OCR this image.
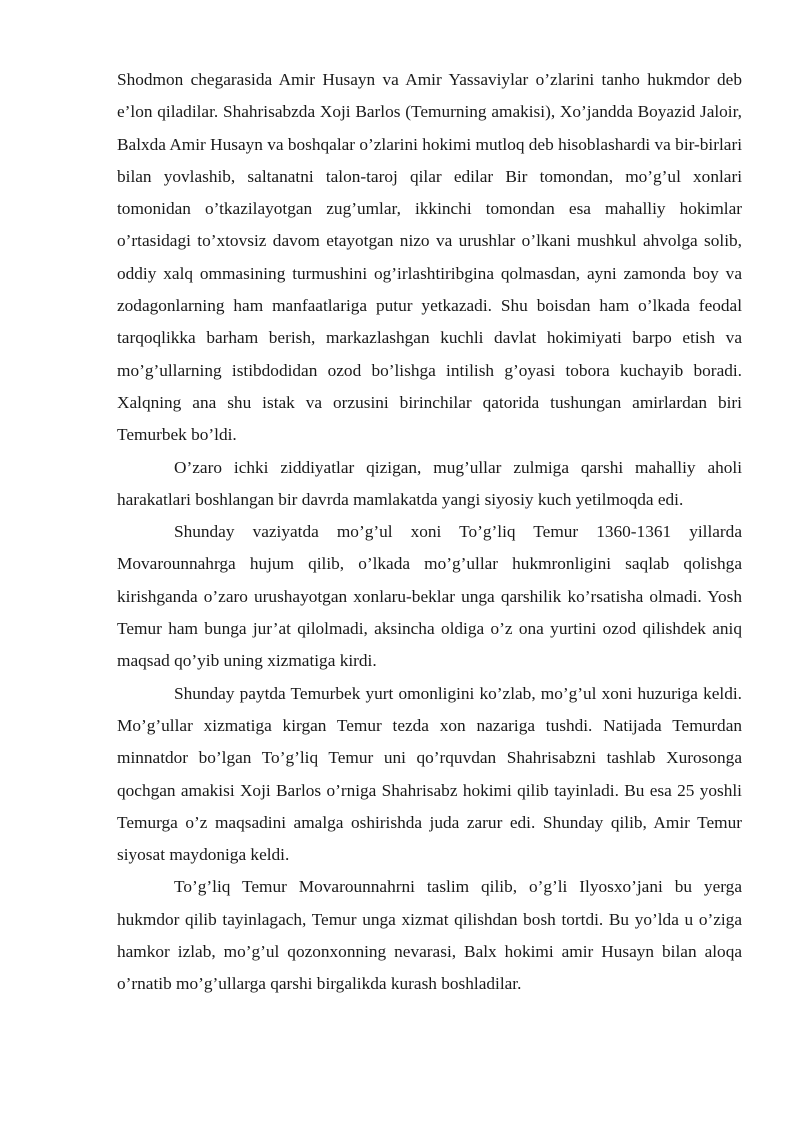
Shodmon chegarasida Amir Husayn va Amir Yassaviylar o’zlarini tanho hukmdor deb e’lon qiladilar. Shahrisabzda Xoji Barlos (Temurning amakisi), Xo’jandda Boyazid Jaloir, Balxda Amir Husayn va boshqalar o’zlarini hokimi mutloq deb hisoblashardi va bir-birlari bilan yovlashib, saltanatni talon-taroj qilar edilar Bir tomondan, mo’g’ul xonlari tomonidan o’tkazilayotgan zug’umlar, ikkinchi tomondan esa mahalliy hokimlar o’rtasidagi to’xtovsiz davom etayotgan nizo va urushlar o’lkani mushkul ahvolga solib, oddiy xalq ommasining turmushini og’irlashtiribgina qolmasdan, ayni zamonda boy va zodagonlarning ham manfaatlariga putur yetkazadi. Shu boisdan ham o’lkada feodal tarqoqlikka barham berish, markazlashgan kuchli davlat hokimiyati barpo etish va mo’g’ullarning istibdodidan ozod bo’lishga intilish g’oyasi tobora kuchayib boradi. Xalqning ana shu istak va orzusini birinchilar qatorida tushungan amirlardan biri Temurbek bo’ldi.

O’zaro ichki ziddiyatlar qizigan, mug’ullar zulmiga qarshi mahalliy aholi harakatlari boshlangan bir davrda mamlakatda yangi siyosiy kuch yetilmoqda edi.

Shunday vaziyatda mo’g’ul xoni To’g’liq Temur 1360-1361 yillarda Movarounnahrga hujum qilib, o’lkada mo’g’ullar hukmronligini saqlab qolishga kirishganda o’zaro urushayotgan xonlaru-beklar unga qarshilik ko’rsatisha olmadi. Yosh Temur ham bunga jur’at qilolmadi, aksincha oldiga o’z ona yurtini ozod qilishdek aniq maqsad qo’yib uning xizmatiga kirdi.

Shunday paytda Temurbek yurt omonligini ko’zlab, mo’g’ul xoni huzuriga keldi. Mo’g’ullar xizmatiga kirgan Temur tezda xon nazariga tushdi. Natijada Temurdan minnatdor bo’lgan To’g’liq Temur uni qo’rquvdan Shahrisabzni tashlab Xurosonga qochgan amakisi Xoji Barlos o’rniga Shahrisabz hokimi qilib tayinladi. Bu esa 25 yoshli Temurga o’z maqsadini amalga oshirishda juda zarur edi. Shunday qilib, Amir Temur siyosat maydoniga keldi.

To’g’liq Temur Movarounnahrni taslim qilib, o’g’li Ilyosxo’jani bu yerga hukmdor qilib tayinlagach, Temur unga xizmat qilishdan bosh tortdi. Bu yo’lda u o’ziga hamkor izlab, mo’g’ul qozonxonning nevarasi, Balx hokimi amir Husayn bilan aloqa o’rnatib mo’g’ullarga qarshi birgalikda kurash boshladilar.
